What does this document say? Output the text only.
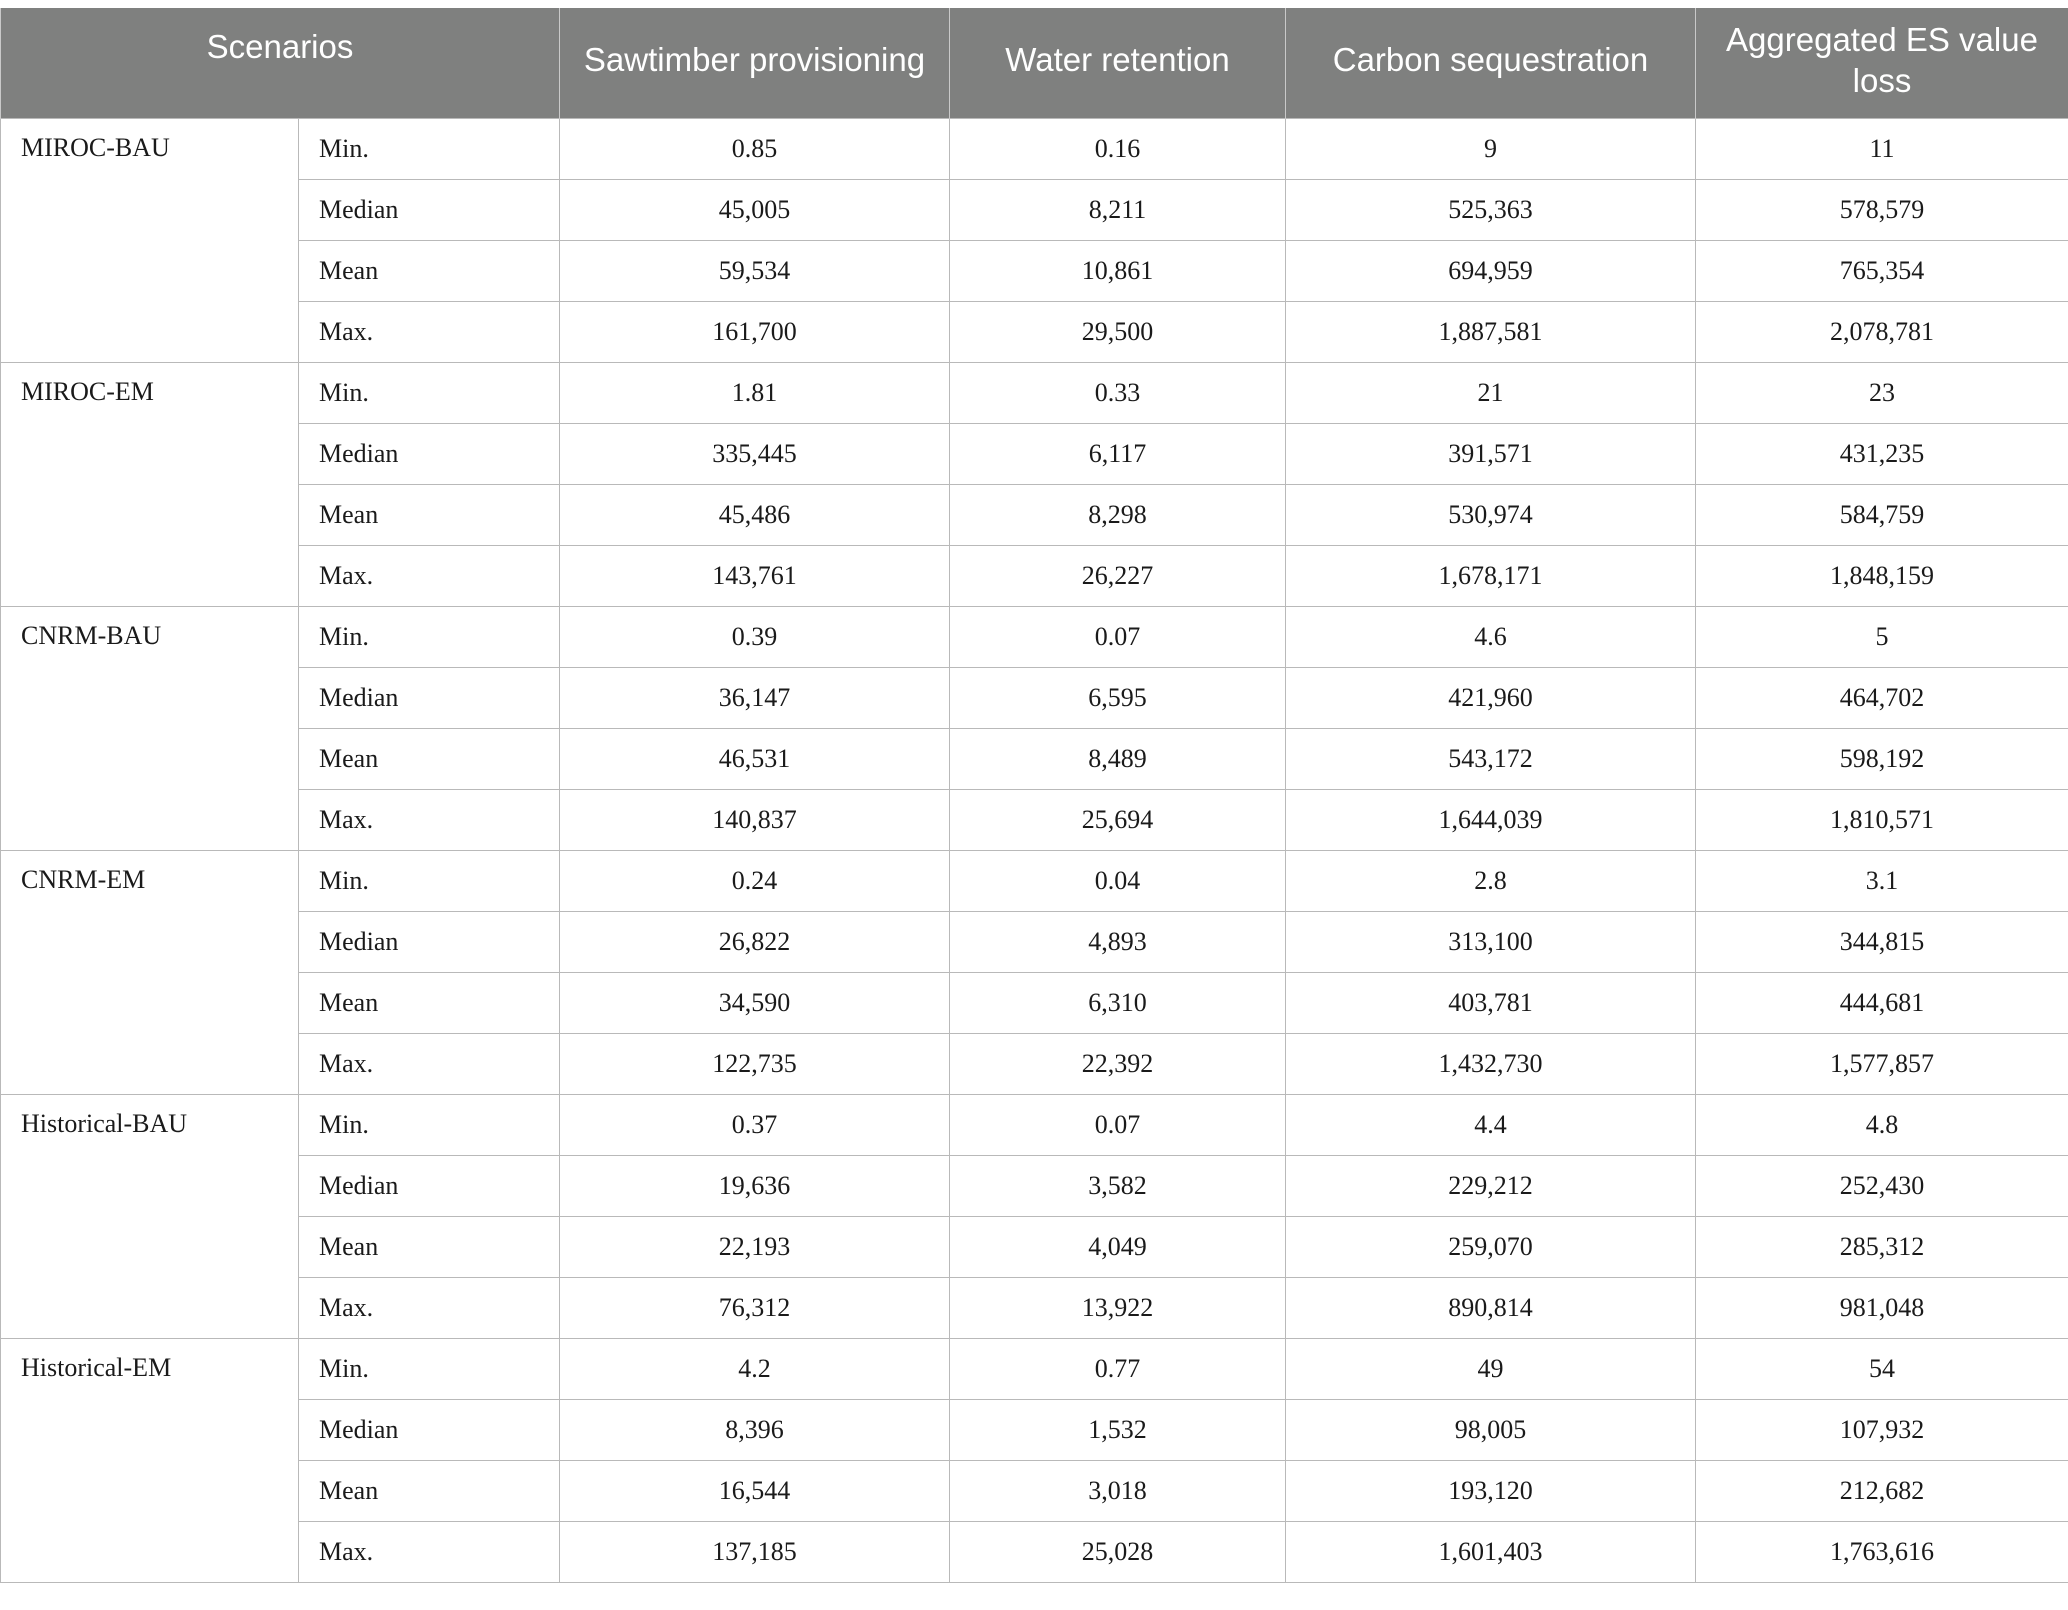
Scenarios		Sawtimber provisioning	Water retention	Carbon sequestration	Aggregated ES value loss
MIROC-BAU	Min.	0.85	0.16	9	11
	Median	45,005	8,211	525,363	578,579
	Mean	59,534	10,861	694,959	765,354
	Max.	161,700	29,500	1,887,581	2,078,781
MIROC-EM	Min.	1.81	0.33	21	23
	Median	335,445	6,117	391,571	431,235
	Mean	45,486	8,298	530,974	584,759
	Max.	143,761	26,227	1,678,171	1,848,159
CNRM-BAU	Min.	0.39	0.07	4.6	5
	Median	36,147	6,595	421,960	464,702
	Mean	46,531	8,489	543,172	598,192
	Max.	140,837	25,694	1,644,039	1,810,571
CNRM-EM	Min.	0.24	0.04	2.8	3.1
	Median	26,822	4,893	313,100	344,815
	Mean	34,590	6,310	403,781	444,681
	Max.	122,735	22,392	1,432,730	1,577,857
Historical-BAU	Min.	0.37	0.07	4.4	4.8
	Median	19,636	3,582	229,212	252,430
	Mean	22,193	4,049	259,070	285,312
	Max.	76,312	13,922	890,814	981,048
Historical-EM	Min.	4.2	0.77	49	54
	Median	8,396	1,532	98,005	107,932
	Mean	16,544	3,018	193,120	212,682
	Max.	137,185	25,028	1,601,403	1,763,616
